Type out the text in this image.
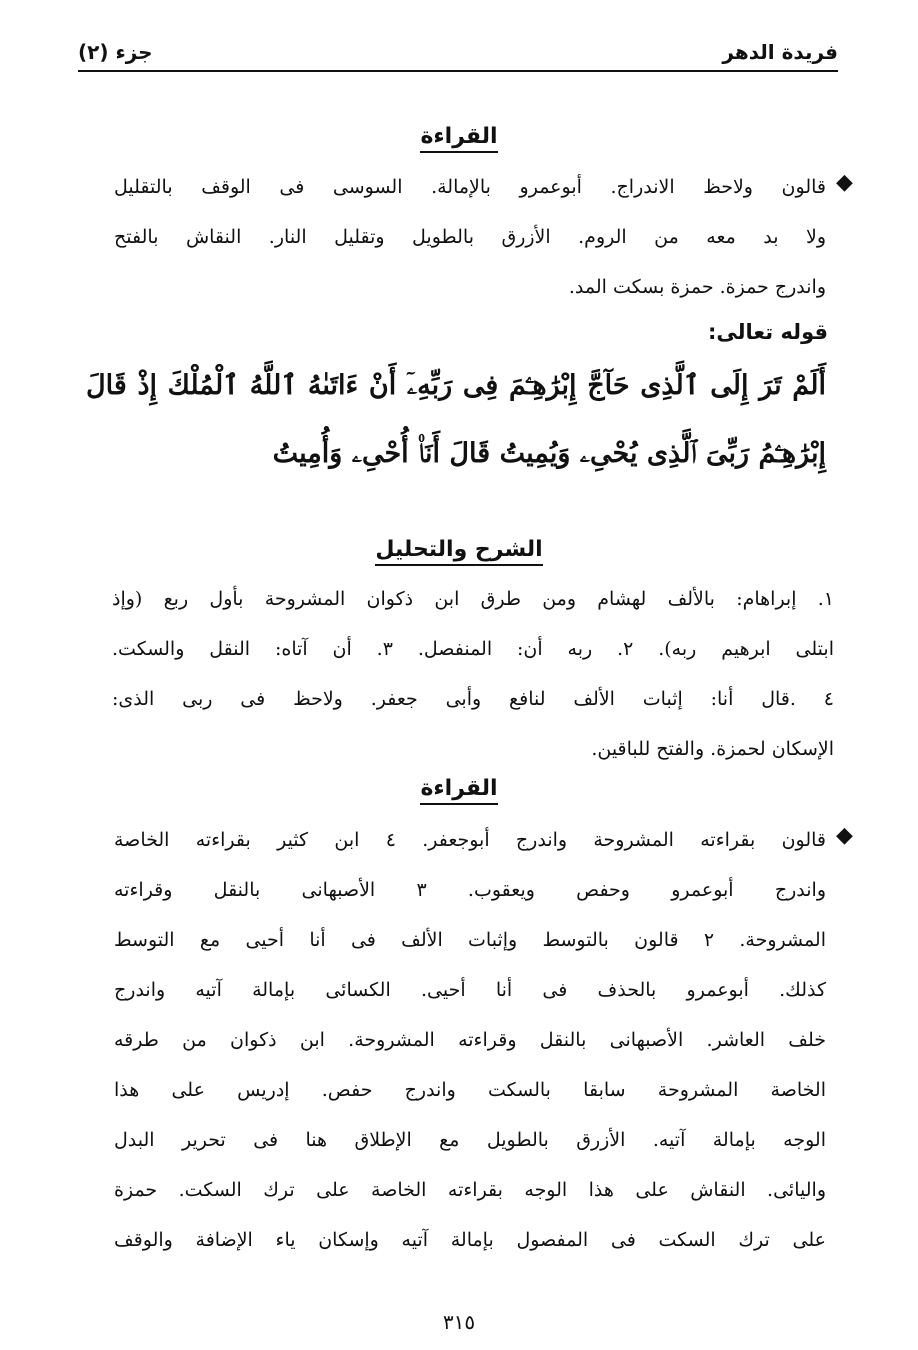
فريدة الدهر
جزء (٢)
القراءة
◆
قالون ولاحظ الاندراج. أبوعمرو بالإمالة. السوسى فى الوقف بالتقليل
ولا بد معه من الروم. الأزرق بالطويل وتقليل النار. النقاش بالفتح
واندرج حمزة. حمزة بسكت المد.
قوله تعالى:
أَلَمْ تَرَ إِلَى ٱلَّذِى حَآجَّ إِبْرَٰهِـۧمَ فِى رَبِّهِۦٓ أَنْ ءَاتَىٰهُ ٱللَّهُ ٱلْمُلْكَ إِذْ قَالَ
إِبْرَٰهِـۧمُ رَبِّىَ ٱلَّذِى يُحْىِۦ وَيُمِيتُ قَالَ أَنَا۠ أُحْىِۦ وَأُمِيتُ
الشرح والتحليل
١. إبراهام: بالألف لهشام ومن طرق ابن ذكوان المشروحة بأول ربع (وإذ
ابتلى ابرهيم ربه). ٢. ربه أن: المنفصل. ٣. أن آتاه: النقل والسكت.
٤ .قال أنا: إثبات الألف لنافع وأبى جعفر. ولاحظ فى ربى الذى:
الإسكان لحمزة. والفتح للباقين.
القراءة
◆
قالون بقراءته المشروحة واندرج أبوجعفر. ٤ ابن كثير بقراءته الخاصة
واندرج أبوعمرو وحفص ويعقوب. ٣ الأصبهانى بالنقل وقراءته
المشروحة. ٢ قالون بالتوسط وإثبات الألف فى أنا أحيى مع التوسط
كذلك. أبوعمرو بالحذف فى أنا أحيى. الكسائى بإمالة آتيه واندرج
خلف العاشر. الأصبهانى بالنقل وقراءته المشروحة. ابن ذكوان من طرقه
الخاصة المشروحة سابقا بالسكت واندرج حفص. إدريس على هذا
الوجه بإمالة آتيه. الأزرق بالطويل مع الإطلاق هنا فى تحرير البدل
واليائى. النقاش على هذا الوجه بقراءته الخاصة على ترك السكت. حمزة
على ترك السكت فى المفصول بإمالة آتيه وإسكان ياء الإضافة والوقف
٣١٥
